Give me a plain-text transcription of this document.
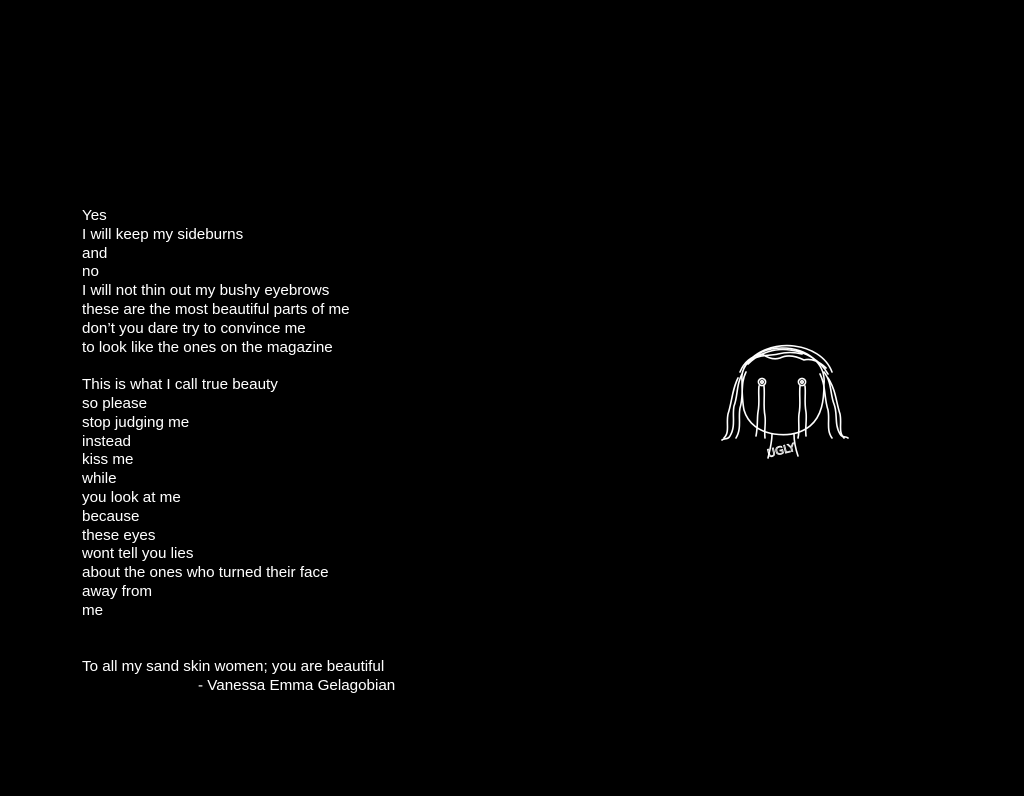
Yes
I will keep my sideburns
and
no
I will not thin out my bushy eyebrows
these are the most beautiful parts of me
don’t you dare try to convince me
to look like the ones on the magazine
This is what I call true beauty
so please
stop judging me
instead
kiss me
while
you look at me
because
these eyes
wont tell you lies
about the ones who turned their face
away from
me
To all my sand skin women; you are beautiful
- Vanessa Emma Gelagobian
UGLY
